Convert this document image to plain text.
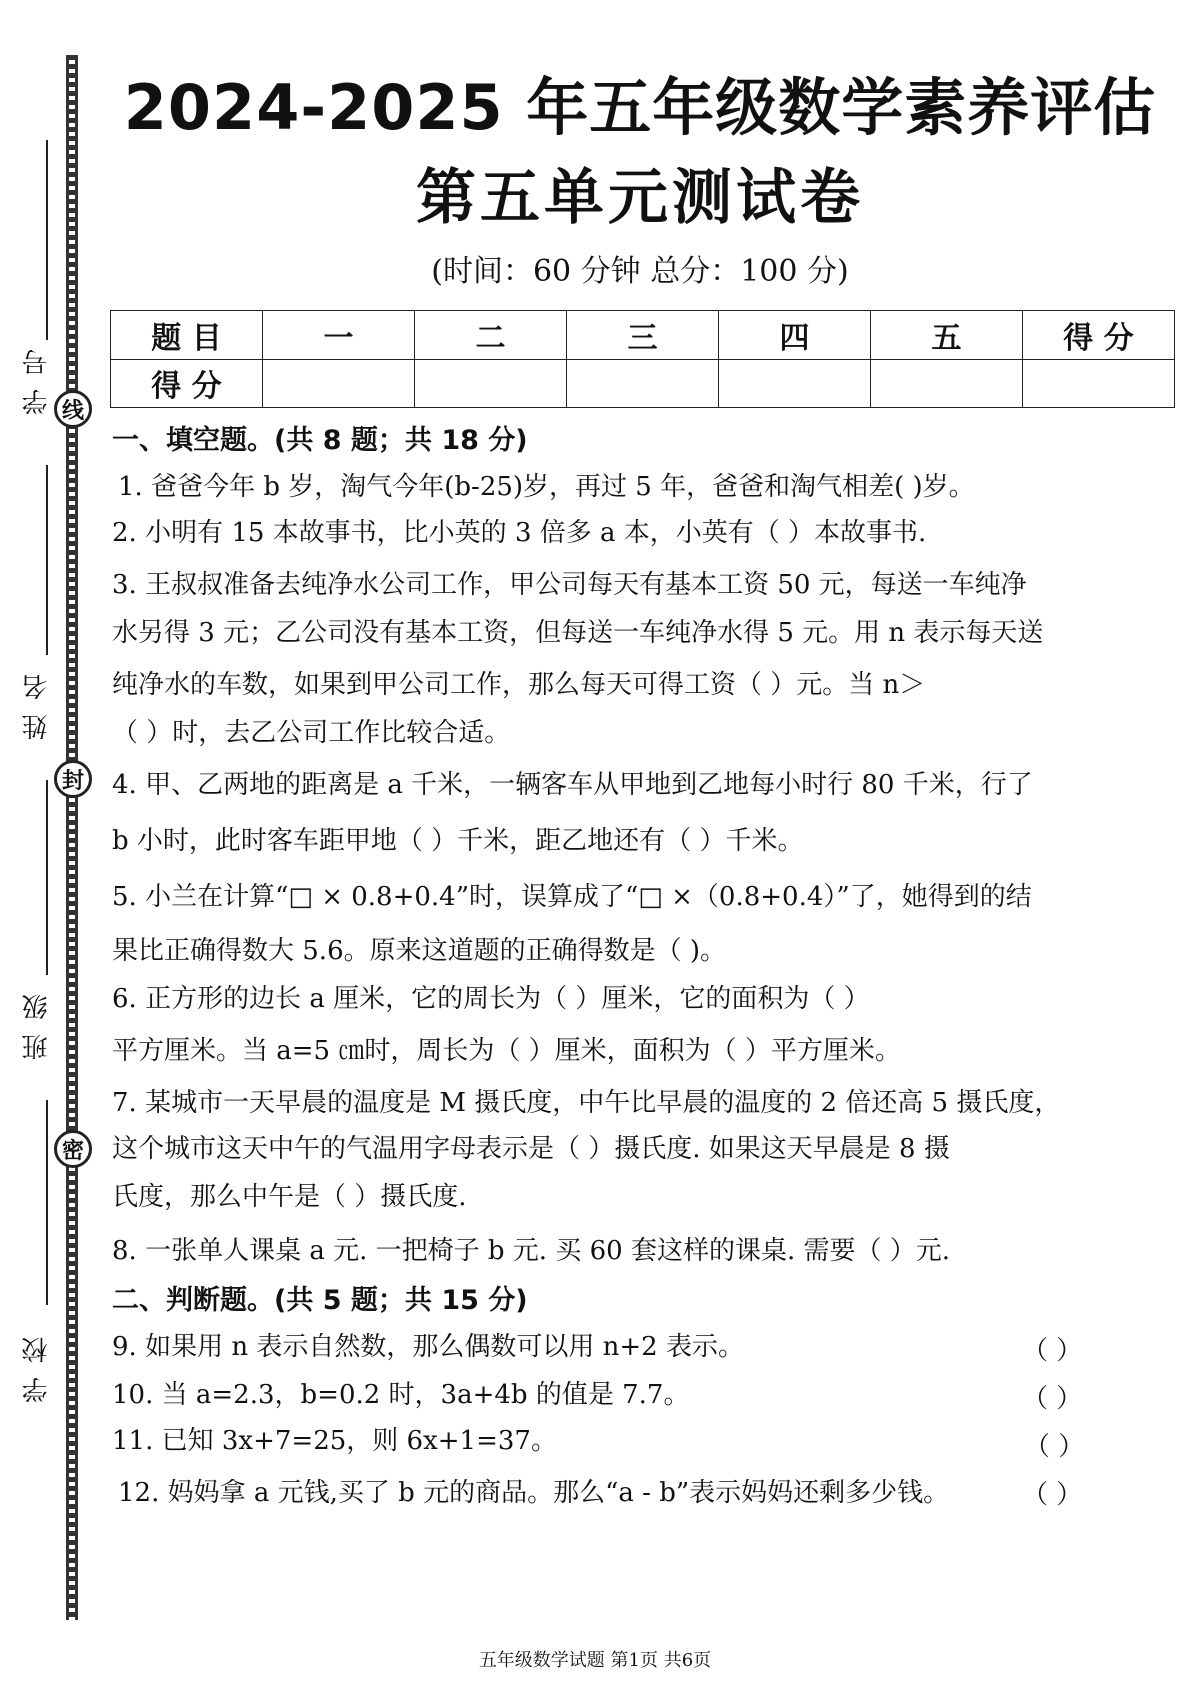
学号 线
姓名
封
班级
密
学校
2024-2025 年五年级数学素养评估
第五单元测试卷
(时间：60 分钟 总分：100 分)
题 目	一	二	三	四	五	得 分
得 分						
一、填空题。(共 8 题；共 18 分)
1. 爸爸今年 b 岁，淘气今年(b-25)岁，再过 5 年，爸爸和淘气相差( )岁。
2. 小明有 15 本故事书，比小英的 3 倍多 a 本，小英有（ ）本故事书.
3. 王叔叔准备去纯净水公司工作，甲公司每天有基本工资 50 元，每送一车纯净
水另得 3 元；乙公司没有基本工资，但每送一车纯净水得 5 元。用 n 表示每天送
纯净水的车数，如果到甲公司工作，那么每天可得工资（ ）元。当 n＞
（ ）时，去乙公司工作比较合适。
4. 甲、乙两地的距离是 a 千米，一辆客车从甲地到乙地每小时行 80 千米，行了
b 小时，此时客车距甲地（ ）千米，距乙地还有（ ）千米。
5. 小兰在计算“□ × 0.8+0.4”时，误算成了“□ ×（0.8+0.4）”了，她得到的结
果比正确得数大 5.6。原来这道题的正确得数是（ )。
6. 正方形的边长 a 厘米，它的周长为（ ）厘米，它的面积为（ ）
平方厘米。当 a=5 ㎝时，周长为（ ）厘米，面积为（ ）平方厘米。
7. 某城市一天早晨的温度是 M 摄氏度，中午比早晨的温度的 2 倍还高 5 摄氏度，
这个城市这天中午的气温用字母表示是（ ）摄氏度. 如果这天早晨是 8 摄
氏度，那么中午是（ ）摄氏度.
8. 一张单人课桌 a 元. 一把椅子 b 元. 买 60 套这样的课桌. 需要（ ）元.
二、判断题。(共 5 题；共 15 分)
9. 如果用 n 表示自然数，那么偶数可以用 n+2 表示。	（ ）
10. 当 a=2.3，b=0.2 时，3a+4b 的值是 7.7。	（ ）
11. 已知 3x+7=25，则 6x+1=37。	（ ）
12. 妈妈拿 a 元钱,买了 b 元的商品。那么“a - b”表示妈妈还剩多少钱。	（ ）
五年级数学试题 第1页 共6页
